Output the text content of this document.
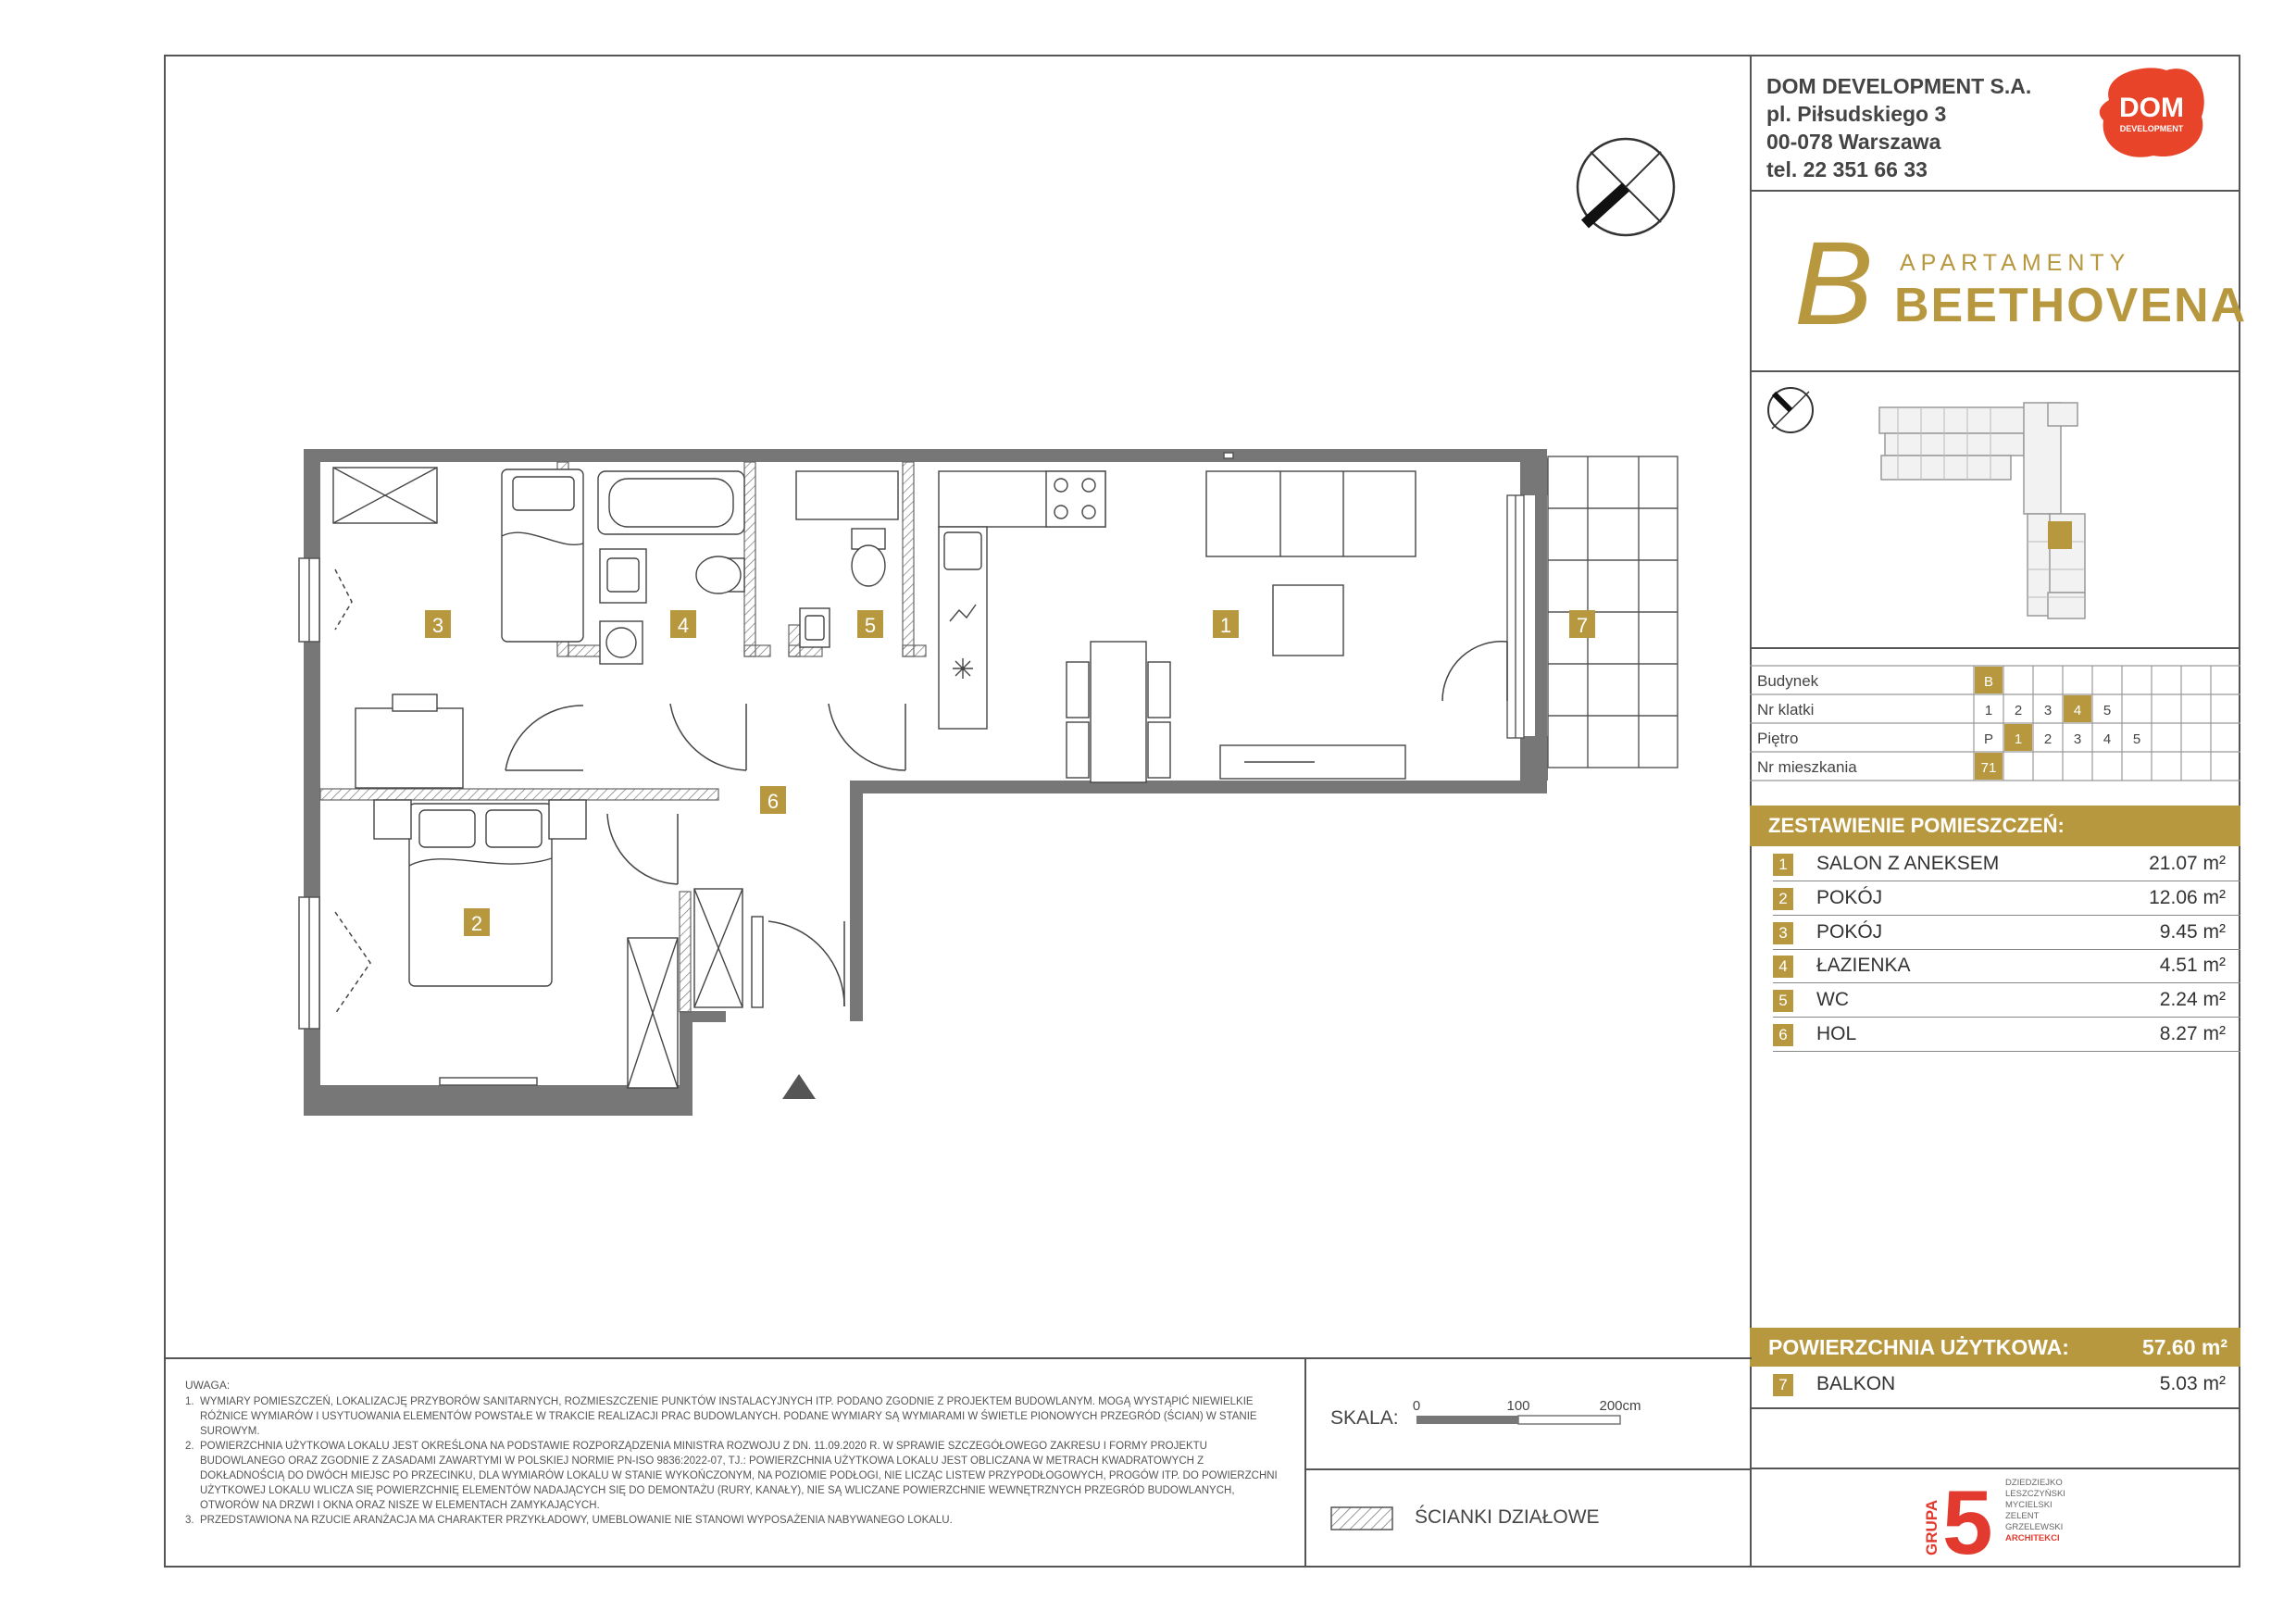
DOM DEVELOPMENT S.A.
pl. Piłsudskiego 3
00-078 Warszawa
tel. 22 351 66 33
DOM
DEVELOPMENT
B APARTAMENTY
BEETHOVENA
Budynek	B
Nr klatki	1 2 3 4 5
Piętro	P 1 2 3 4 5
Nr mieszkania	71
ZESTAWIENIE POMIESZCZEŃ:
1 SALON Z ANEKSEM	21.07 m²
2 POKÓJ	12.06 m²
3 POKÓJ	9.45 m²
4 ŁAZIENKA	4.51 m²
5 WC	2.24 m²
6 HOL	8.27 m²
POWIERZCHNIA UŻYTKOWA:	57.60 m²
7 BALKON	5.03 m²
GRUPA 5 DZIEDZIEJKO LESZCZYŃSKI MYCIELSKI ZELENT GRZELEWSKI ARCHITEKCI
UWAGA:
1. WYMIARY POMIESZCZEŃ, LOKALIZACJĘ PRZYBORÓW SANITARNYCH, ROZMIESZCZENIE PUNKTÓW INSTALACYJNYCH ITP. PODANO ZGODNIE Z PROJEKTEM BUDOWLANYM. MOGĄ WYSTĄPIĆ NIEWIELKIE RÓŻNICE WYMIARÓW I USYTUOWANIA ELEMENTÓW POWSTAŁE W TRAKCIE REALIZACJI PRAC BUDOWLANYCH. PODANE WYMIARY SĄ WYMIARAMI W ŚWIETLE PIONOWYCH PRZEGRÓD (ŚCIAN) W STANIE SUROWYM.
2. POWIERZCHNIA UŻYTKOWA LOKALU JEST OKREŚLONA NA PODSTAWIE ROZPORZĄDZENIA MINISTRA ROZWOJU Z DN. 11.09.2020 R. W SPRAWIE SZCZEGÓŁOWEGO ZAKRESU I FORMY PROJEKTU BUDOWLANEGO ORAZ ZGODNIE Z ZASADAMI ZAWARTYMI W POLSKIEJ NORMIE PN-ISO 9836:2022-07, TJ.: POWIERZCHNIA UŻYTKOWA LOKALU JEST OBLICZANA W METRACH KWADRATOWYCH Z DOKŁADNOŚCIĄ DO DWÓCH MIEJSC PO PRZECINKU, DLA WYMIARÓW LOKALU W STANIE WYKOŃCZONYM, NA POZIOMIE PODŁOGI, NIE LICZĄC LISTEW PRZYPODŁOGOWYCH, PROGÓW ITP. DO POWIERZCHNI UŻYTKOWEJ LOKALU WLICZA SIĘ POWIERZCHNIĘ ELEMENTÓW NADAJĄCYCH SIĘ DO DEMONTAŻU (RURY, KANAŁY), NIE SĄ WLICZANE POWIERZCHNIE WEWNĘTRZNYCH PRZEGRÓD BUDOWLANYCH, OTWORÓW NA DRZWI I OKNA ORAZ NISZE W ELEMENTACH ZAMYKAJĄCYCH.
3. PRZEDSTAWIONA NA RZUCIE ARANŻACJA MA CHARAKTER PRZYKŁADOWY, UMEBLOWANIE NIE STANOWI WYPOSAŻENIA NABYWANEGO LOKALU.
SKALA:
0	100	200cm
ŚCIANKI DZIAŁOWE
1
2
3	4	5
6
7
